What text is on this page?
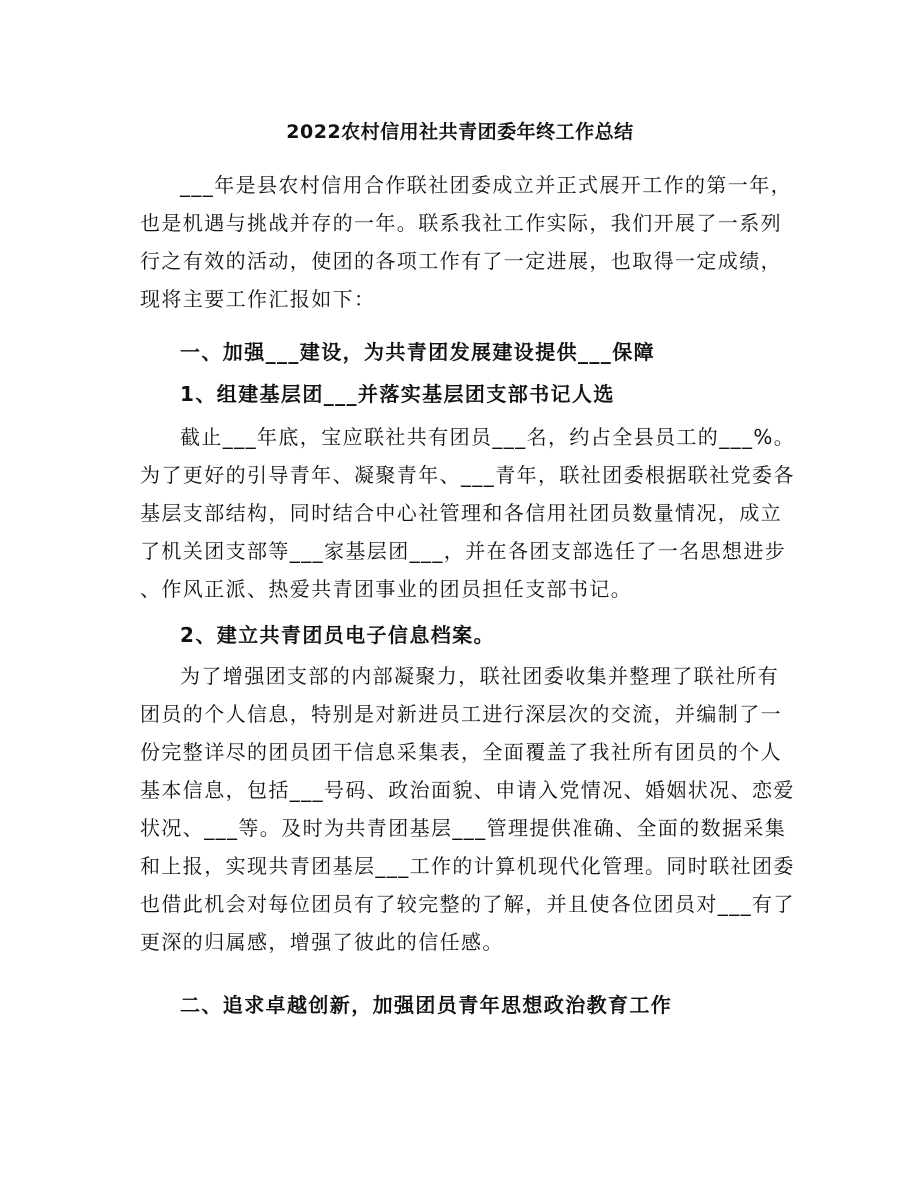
2022农村信用社共青团委年终工作总结
___年是县农村信用合作联社团委成立并正式展开工作的第一年，
也是机遇与挑战并存的一年。联系我社工作实际，我们开展了一系列
行之有效的活动，使团的各项工作有了一定进展，也取得一定成绩，
现将主要工作汇报如下：
一、加强___建设，为共青团发展建设提供___保障
1、组建基层团___并落实基层团支部书记人选
截止___年底，宝应联社共有团员___名，约占全县员工的___%。
为了更好的引导青年、凝聚青年、___青年，联社团委根据联社党委各
基层支部结构，同时结合中心社管理和各信用社团员数量情况，成立
了机关团支部等___家基层团___，并在各团支部选任了一名思想进步
、作风正派、热爱共青团事业的团员担任支部书记。
2、建立共青团员电子信息档案。
为了增强团支部的内部凝聚力，联社团委收集并整理了联社所有
团员的个人信息，特别是对新进员工进行深层次的交流，并编制了一
份完整详尽的团员团干信息采集表，全面覆盖了我社所有团员的个人
基本信息，包括___号码、政治面貌、申请入党情况、婚姻状况、恋爱
状况、___等。及时为共青团基层___管理提供准确、全面的数据采集
和上报，实现共青团基层___工作的计算机现代化管理。同时联社团委
也借此机会对每位团员有了较完整的了解，并且使各位团员对___有了
更深的归属感，增强了彼此的信任感。
二、追求卓越创新，加强团员青年思想政治教育工作
